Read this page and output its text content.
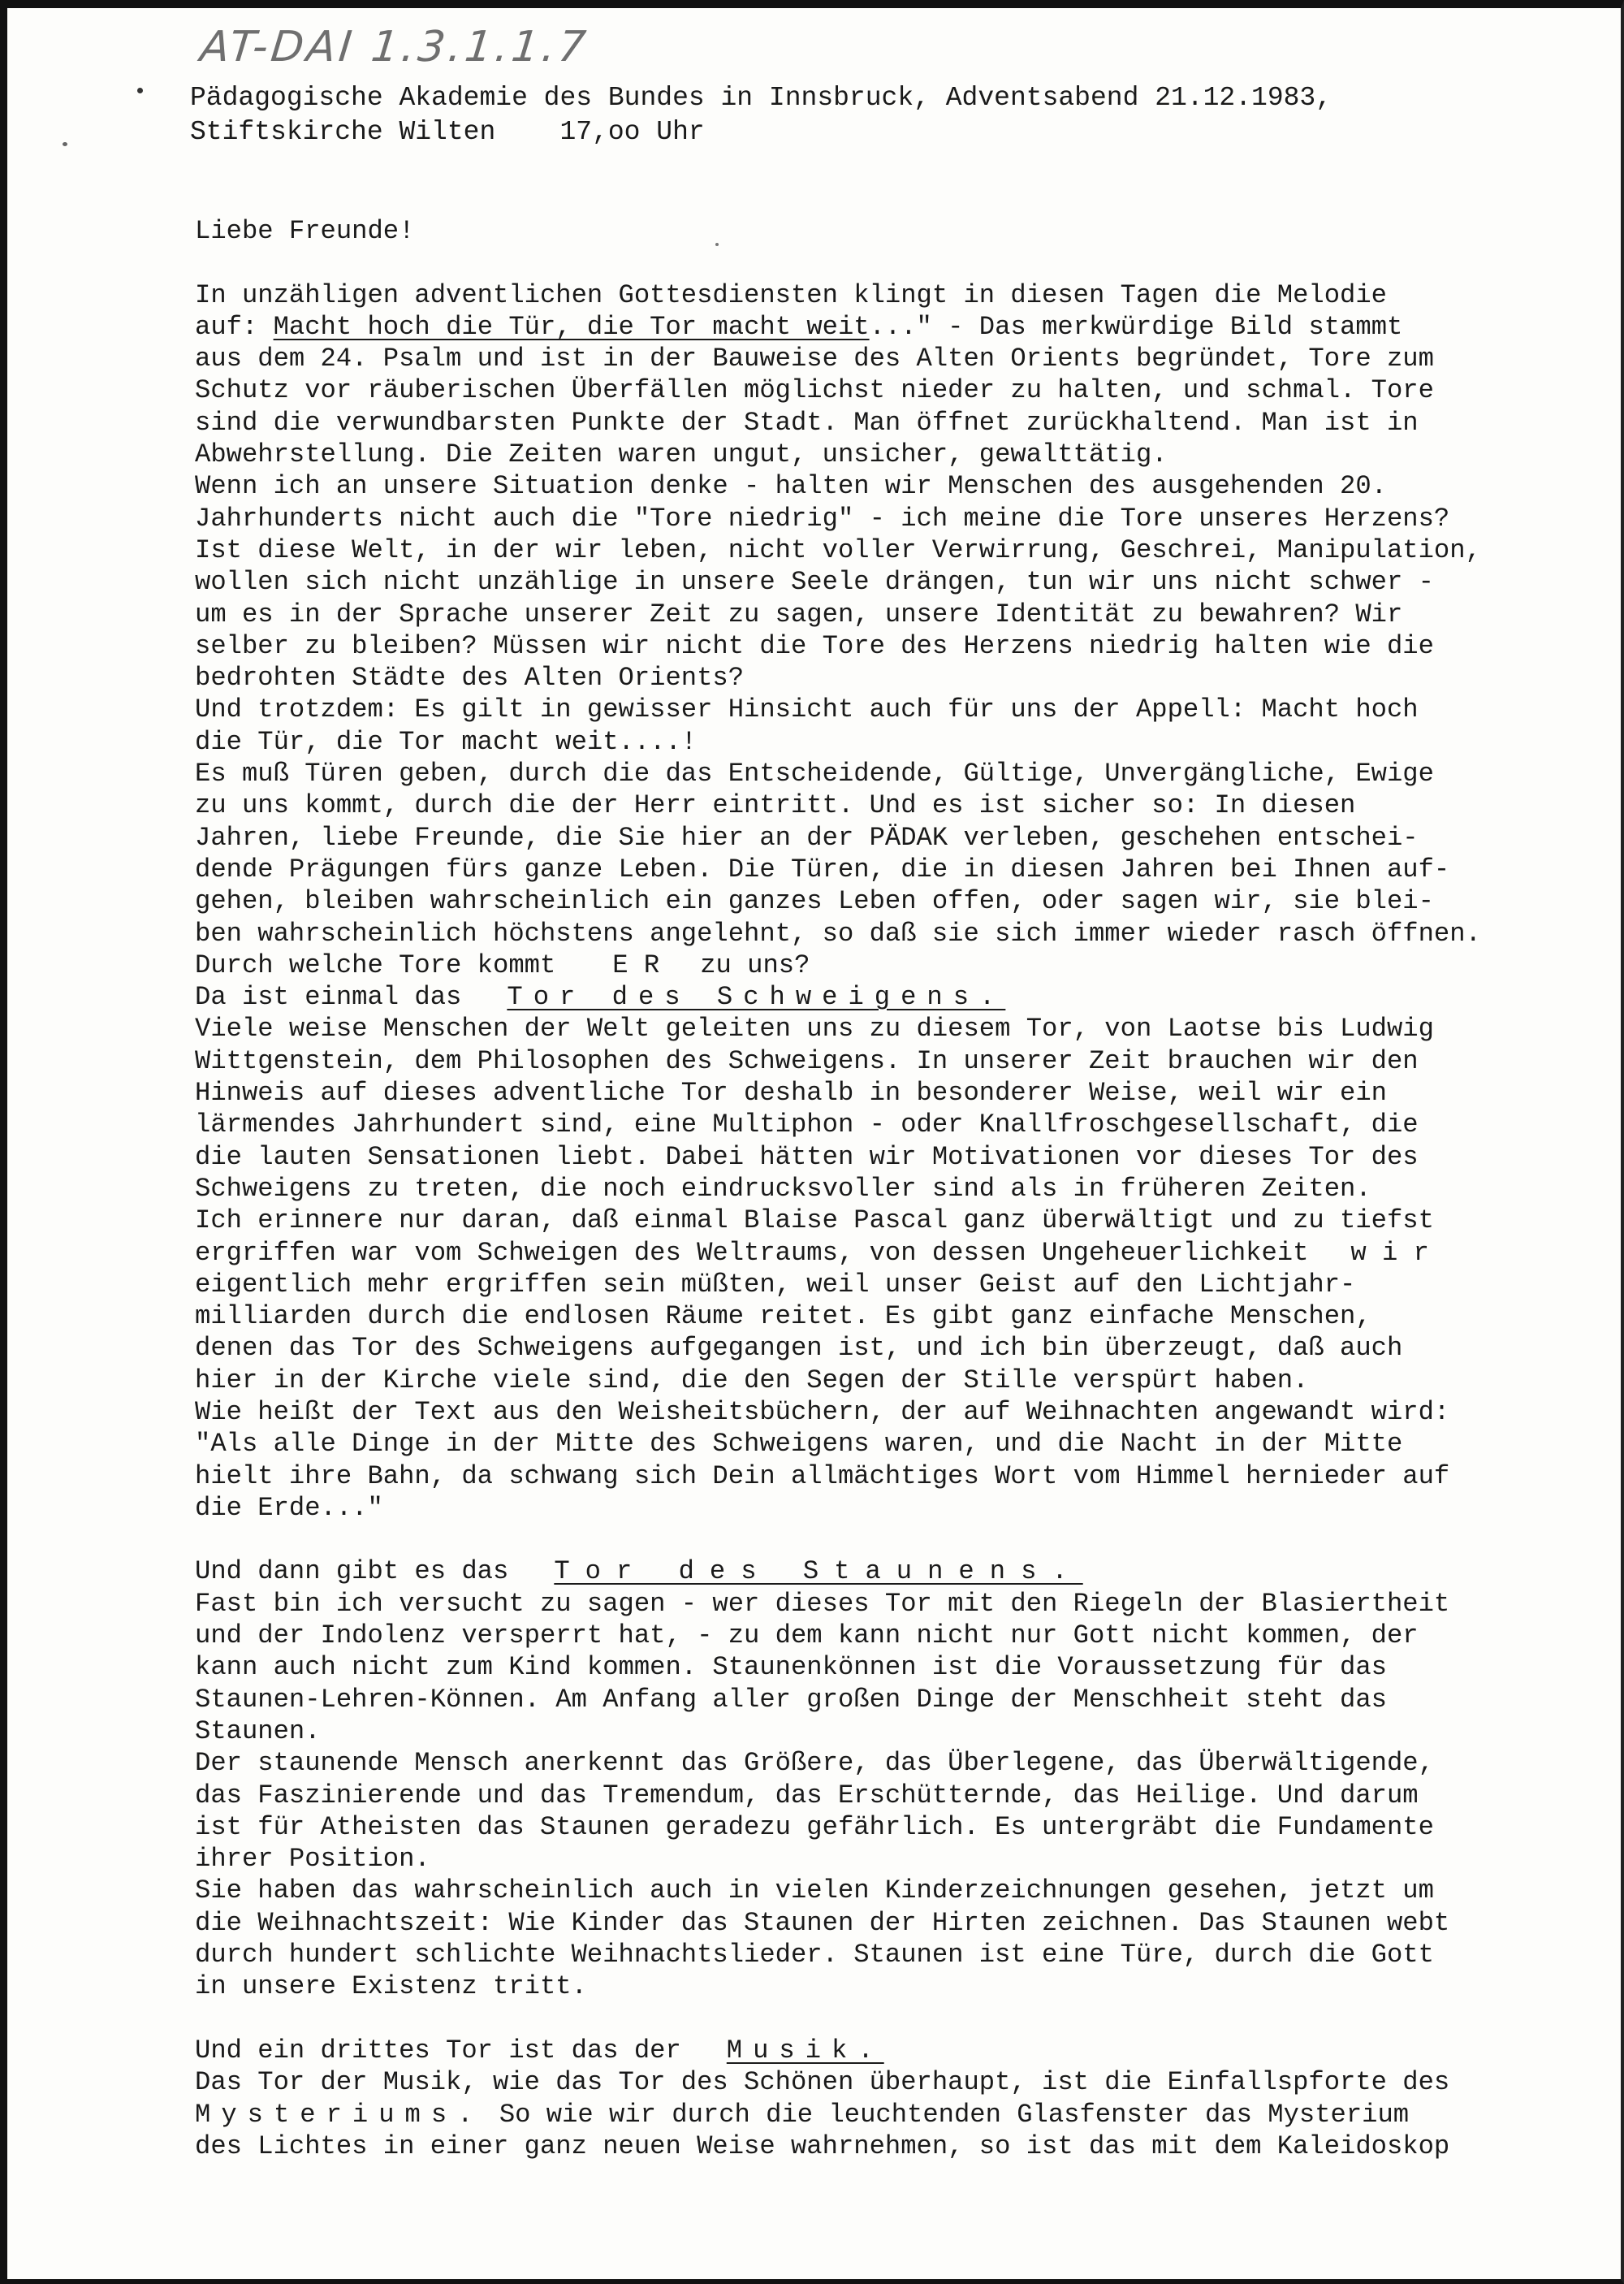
AT-DAI 1.3.1.1.7
Pädagogische Akademie des Bundes in Innsbruck, Adventsabend 21.12.1983,
Stiftskirche Wilten    17,oo Uhr
Liebe Freunde!
In unzähligen adventlichen Gottesdiensten klingt in diesen Tagen die Melodie
auf: Macht hoch die Tür, die Tor macht weit..." - Das merkwürdige Bild stammt
aus dem 24. Psalm und ist in der Bauweise des Alten Orients begründet, Tore zum
Schutz vor räuberischen Überfällen möglichst nieder zu halten, und schmal. Tore
sind die verwundbarsten Punkte der Stadt. Man öffnet zurückhaltend. Man ist in
Abwehrstellung. Die Zeiten waren ungut, unsicher, gewalttätig.
Wenn ich an unsere Situation denke - halten wir Menschen des ausgehenden 20.
Jahrhunderts nicht auch die "Tore niedrig" - ich meine die Tore unseres Herzens?
Ist diese Welt, in der wir leben, nicht voller Verwirrung, Geschrei, Manipulation,
wollen sich nicht unzählige in unsere Seele drängen, tun wir uns nicht schwer -
um es in der Sprache unserer Zeit zu sagen, unsere Identität zu bewahren? Wir
selber zu bleiben? Müssen wir nicht die Tore des Herzens niedrig halten wie die
bedrohten Städte des Alten Orients?
Und trotzdem: Es gilt in gewisser Hinsicht auch für uns der Appell: Macht hoch
die Tür, die Tor macht weit....!
Es muß Türen geben, durch die das Entscheidende, Gültige, Unvergängliche, Ewige
zu uns kommt, durch die der Herr eintritt. Und es ist sicher so: In diesen
Jahren, liebe Freunde, die Sie hier an der PÄDAK verleben, geschehen entschei-
dende Prägungen fürs ganze Leben. Die Türen, die in diesen Jahren bei Ihnen auf-
gehen, bleiben wahrscheinlich ein ganzes Leben offen, oder sagen wir, sie blei-
ben wahrscheinlich höchstens angelehnt, so daß sie sich immer wieder rasch öffnen.
Durch welche Tore kommt E R zu uns?
Da ist einmal das Tor des Schweigens.
Viele weise Menschen der Welt geleiten uns zu diesem Tor, von Laotse bis Ludwig
Wittgenstein, dem Philosophen des Schweigens. In unserer Zeit brauchen wir den
Hinweis auf dieses adventliche Tor deshalb in besonderer Weise, weil wir ein
lärmendes Jahrhundert sind, eine Multiphon - oder Knallfroschgesellschaft, die
die lauten Sensationen liebt. Dabei hätten wir Motivationen vor dieses Tor des
Schweigens zu treten, die noch eindrucksvoller sind als in früheren Zeiten.
Ich erinnere nur daran, daß einmal Blaise Pascal ganz überwältigt und zu tiefst
ergriffen war vom Schweigen des Weltraums, von dessen Ungeheuerlichkeit w i r
eigentlich mehr ergriffen sein müßten, weil unser Geist auf den Lichtjahr-
milliarden durch die endlosen Räume reitet. Es gibt ganz einfache Menschen,
denen das Tor des Schweigens aufgegangen ist, und ich bin überzeugt, daß auch
hier in der Kirche viele sind, die den Segen der Stille verspürt haben.
Wie heißt der Text aus den Weisheitsbüchern, der auf Weihnachten angewandt wird:
"Als alle Dinge in der Mitte des Schweigens waren, und die Nacht in der Mitte
hielt ihre Bahn, da schwang sich Dein allmächtiges Wort vom Himmel hernieder auf
die Erde..."
Und dann gibt es das Tor des Staunens.
Fast bin ich versucht zu sagen - wer dieses Tor mit den Riegeln der Blasiertheit
und der Indolenz versperrt hat, - zu dem kann nicht nur Gott nicht kommen, der
kann auch nicht zum Kind kommen. Staunenkönnen ist die Voraussetzung für das
Staunen-Lehren-Können. Am Anfang aller großen Dinge der Menschheit steht das
Staunen.
Der staunende Mensch anerkennt das Größere, das Überlegene, das Überwältigende,
das Faszinierende und das Tremendum, das Erschütternde, das Heilige. Und darum
ist für Atheisten das Staunen geradezu gefährlich. Es untergräbt die Fundamente
ihrer Position.
Sie haben das wahrscheinlich auch in vielen Kinderzeichnungen gesehen, jetzt um
die Weihnachtszeit: Wie Kinder das Staunen der Hirten zeichnen. Das Staunen webt
durch hundert schlichte Weihnachtslieder. Staunen ist eine Türe, durch die Gott
in unsere Existenz tritt.
Und ein drittes Tor ist das der Musik.
Das Tor der Musik, wie das Tor des Schönen überhaupt, ist die Einfallspforte des
Mysteriums. So wie wir durch die leuchtenden Glasfenster das Mysterium
des Lichtes in einer ganz neuen Weise wahrnehmen, so ist das mit dem Kaleidoskop
